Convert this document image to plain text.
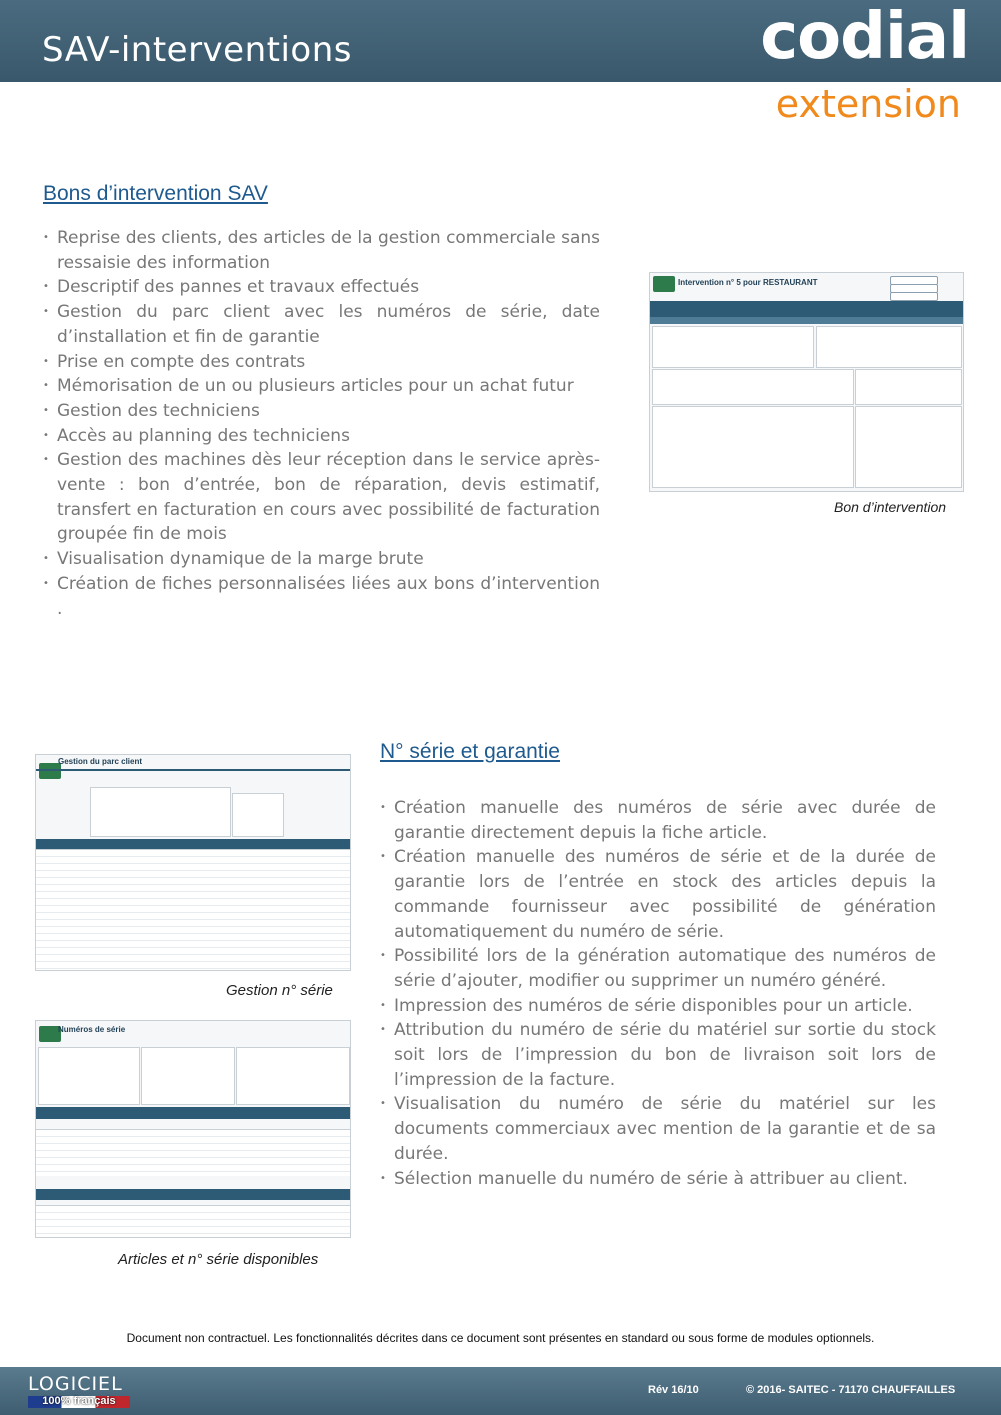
SAV-interventions	codial
extension
Bons d’intervention SAV
• Reprise des clients, des articles de la gestion commerciale sans ressaisie des information
• Descriptif des pannes et travaux effectués
• Gestion du parc client avec les numéros de série, date d’installation et fin de garantie
• Prise en compte des contrats
• Mémorisation de un ou plusieurs articles pour un achat futur
• Gestion des techniciens
• Accès au planning des techniciens
• Gestion des machines dès leur réception dans le service après-vente : bon d’entrée, bon de réparation, devis estimatif, transfert en facturation en cours avec possibilité de facturation groupée fin de mois
• Visualisation dynamique de la marge brute
• Création de fiches personnalisées liées aux bons d’intervention .
Intervention n° 5 pour RESTAURANT
Bon d’intervention
N° série et garantie
• Création manuelle des numéros de série avec durée de garantie directement depuis la fiche article.
• Création manuelle des numéros de série et de la durée de garantie lors de l’entrée en stock des articles depuis la commande fournisseur avec possibilité de génération automatiquement du numéro de série.
• Possibilité lors de la génération automatique des numéros de série d’ajouter, modifier ou supprimer un numéro généré.
• Impression des numéros de série disponibles pour un article.
• Attribution du numéro de série du matériel sur sortie du stock soit lors de l’impression du bon de livraison soit lors de l’impression de la facture.
• Visualisation du numéro de série du matériel sur les documents commerciaux avec mention de la garantie et de sa durée.
• Sélection manuelle du numéro de série à attribuer au client.
Gestion du parc client
Gestion n° série
Numéros de série
Articles et n° série disponibles
Document non contractuel. Les fonctionnalités décrites dans ce document sont présentes en standard ou sous forme de modules optionnels.
LOGICIEL
100% français
Rév 16/10	© 2016- SAITEC - 71170 CHAUFFAILLES
